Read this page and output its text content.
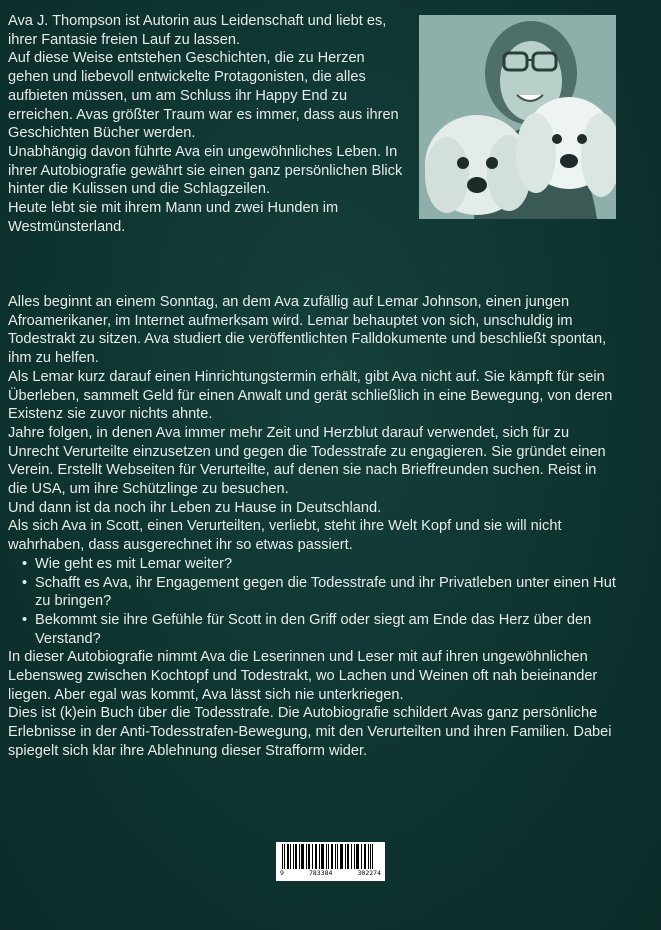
Ava J. Thompson ist Autorin aus Leidenschaft und liebt es, ihrer Fantasie freien Lauf zu lassen.

Auf diese Weise entstehen Geschichten, die zu Herzen gehen und liebevoll entwickelte Protagonisten, die alles aufbieten müssen, um am Schluss ihr Happy End zu erreichen. Avas größter Traum war es immer, dass aus ihren Geschichten Bücher werden.

Unabhängig davon führte Ava ein ungewöhnliches Leben. In ihrer Autobiografie gewährt sie einen ganz persönlichen Blick hinter die Kulissen und die Schlagzeilen.

Heute lebt sie mit ihrem Mann und zwei Hunden im Westmünsterland.

Alles beginnt an einem Sonntag, an dem Ava zufällig auf Lemar Johnson, einen jungen Afroamerikaner, im Internet aufmerksam wird. Lemar behauptet von sich, unschuldig im Todestrakt zu sitzen. Ava studiert die veröffentlichten Falldokumente und beschließt spontan, ihm zu helfen.

Als Lemar kurz darauf einen Hinrichtungstermin erhält, gibt Ava nicht auf. Sie kämpft für sein Überleben, sammelt Geld für einen Anwalt und gerät schließlich in eine Bewegung, von deren Existenz sie zuvor nichts ahnte.

Jahre folgen, in denen Ava immer mehr Zeit und Herzblut darauf verwendet, sich für zu Unrecht Verurteilte einzusetzen und gegen die Todesstrafe zu engagieren. Sie gründet einen Verein. Erstellt Webseiten für Verurteilte, auf denen sie nach Brieffreunden suchen. Reist in die USA, um ihre Schützlinge zu besuchen.

Und dann ist da noch ihr Leben zu Hause in Deutschland.

Als sich Ava in Scott, einen Verurteilten, verliebt, steht ihre Welt Kopf und sie will nicht wahrhaben, dass ausgerechnet ihr so etwas passiert.

• Wie geht es mit Lemar weiter?
• Schafft es Ava, ihr Engagement gegen die Todesstrafe und ihr Privatleben unter einen Hut zu bringen?
• Bekommt sie ihre Gefühle für Scott in den Griff oder siegt am Ende das Herz über den Verstand?

In dieser Autobiografie nimmt Ava die Leserinnen und Leser mit auf ihren ungewöhnlichen Lebensweg zwischen Kochtopf und Todestrakt, wo Lachen und Weinen oft nah beieinander liegen. Aber egal was kommt, Ava lässt sich nie unterkriegen.

Dies ist (k)ein Buch über die Todesstrafe. Die Autobiografie schildert Avas ganz persönliche Erlebnisse in der Anti-Todesstrafen-Bewegung, mit den Verurteilten und ihren Familien. Dabei spiegelt sich klar ihre Ablehnung dieser Strafform wider.

9	783384	302274
